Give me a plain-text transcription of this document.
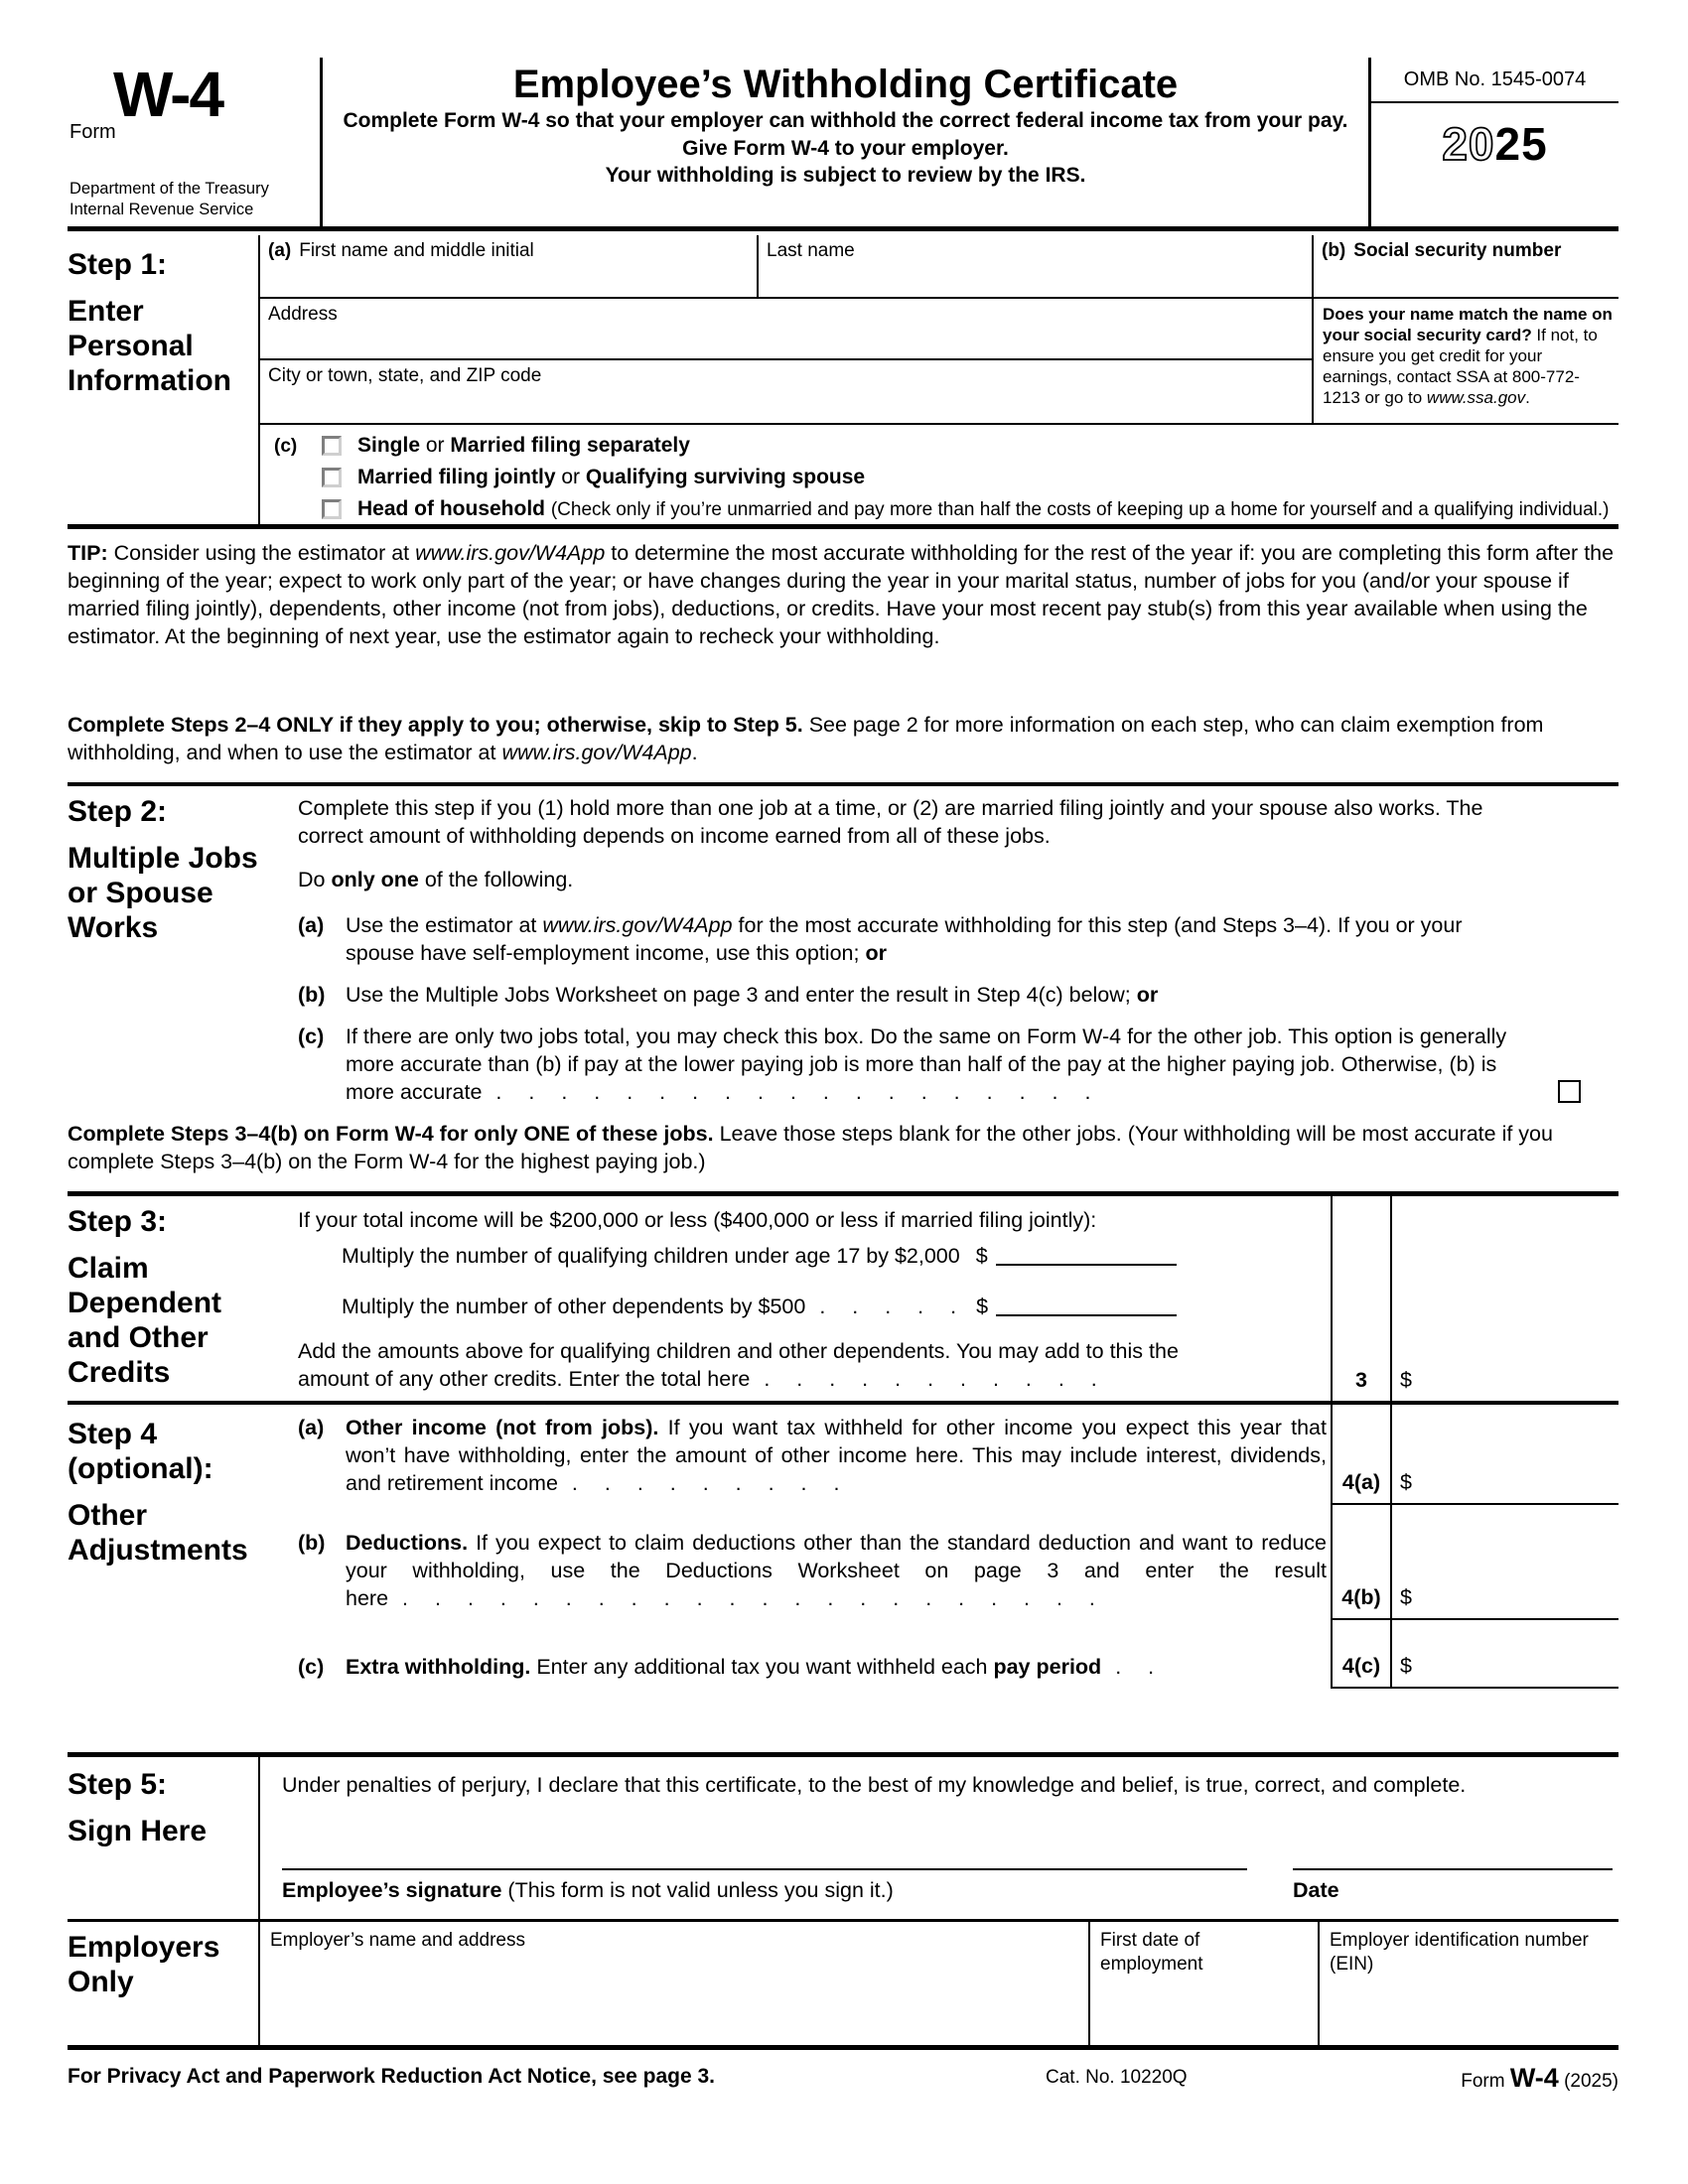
Form
W-4
Department of the Treasury
Internal Revenue Service
Employee’s Withholding Certificate
Complete Form W-4 so that your employer can withhold the correct federal income tax from your pay.
Give Form W-4 to your employer.
Your withholding is subject to review by the IRS.
OMB No. 1545-0074
2025
Step 1:
Enter Personal Information
(a) First name and middle initial	Last name	(b) Social security number
Address	Does your name match the name on your social security card? If not, to ensure you get credit for your earnings, contact SSA at 800-772-1213 or go to www.ssa.gov.
City or town, state, and ZIP code
(c)	Single or Married filing separately
Married filing jointly or Qualifying surviving spouse
Head of household (Check only if you’re unmarried and pay more than half the costs of keeping up a home for yourself and a qualifying individual.)
TIP: Consider using the estimator at www.irs.gov/W4App to determine the most accurate withholding for the rest of the year if: you are completing this form after the beginning of the year; expect to work only part of the year; or have changes during the year in your marital status, number of jobs for you (and/or your spouse if married filing jointly), dependents, other income (not from jobs), deductions, or credits. Have your most recent pay stub(s) from this year available when using the estimator. At the beginning of next year, use the estimator again to recheck your withholding.
Complete Steps 2–4 ONLY if they apply to you; otherwise, skip to Step 5. See page 2 for more information on each step, who can claim exemption from withholding, and when to use the estimator at www.irs.gov/W4App.
Step 2:
Multiple Jobs or Spouse Works
Complete this step if you (1) hold more than one job at a time, or (2) are married filing jointly and your spouse also works. The correct amount of withholding depends on income earned from all of these jobs.
Do only one of the following.
(a) Use the estimator at www.irs.gov/W4App for the most accurate withholding for this step (and Steps 3–4). If you or your spouse have self-employment income, use this option; or
(b) Use the Multiple Jobs Worksheet on page 3 and enter the result in Step 4(c) below; or
(c) If there are only two jobs total, you may check this box. Do the same on Form W-4 for the other job. This option is generally more accurate than (b) if pay at the lower paying job is more than half of the pay at the higher paying job. Otherwise, (b) is more accurate . . . . . . . . . . . . . . . . . . .
Complete Steps 3–4(b) on Form W-4 for only ONE of these jobs. Leave those steps blank for the other jobs. (Your withholding will be most accurate if you complete Steps 3–4(b) on the Form W-4 for the highest paying job.)
Step 3:
Claim Dependent and Other Credits
If your total income will be $200,000 or less ($400,000 or less if married filing jointly):
Multiply the number of qualifying children under age 17 by $2,000 $
Multiply the number of other dependents by $500 . . . . . $
Add the amounts above for qualifying children and other dependents. You may add to this the amount of any other credits. Enter the total here . . . . . . . . . . .	3	$
Step 4
(optional):
Other Adjustments
(a) Other income (not from jobs). If you want tax withheld for other income you expect this year that won’t have withholding, enter the amount of other income here. This may include interest, dividends, and retirement income . . . . . . . . .	4(a) $
(b) Deductions. If you expect to claim deductions other than the standard deduction and want to reduce your withholding, use the Deductions Worksheet on page 3 and enter the result here . . . . . . . . . . . . . . . . . . . . . .	4(b) $
(c) Extra withholding. Enter any additional tax you want withheld each pay period . .	4(c) $
Step 5:
Sign Here
Under penalties of perjury, I declare that this certificate, to the best of my knowledge and belief, is true, correct, and complete.
Employee’s signature (This form is not valid unless you sign it.)	Date
Employers Only
Employer’s name and address	First date of employment
Employer identification number (EIN)
For Privacy Act and Paperwork Reduction Act Notice, see page 3.	Cat. No. 10220Q	Form W-4 (2025)
